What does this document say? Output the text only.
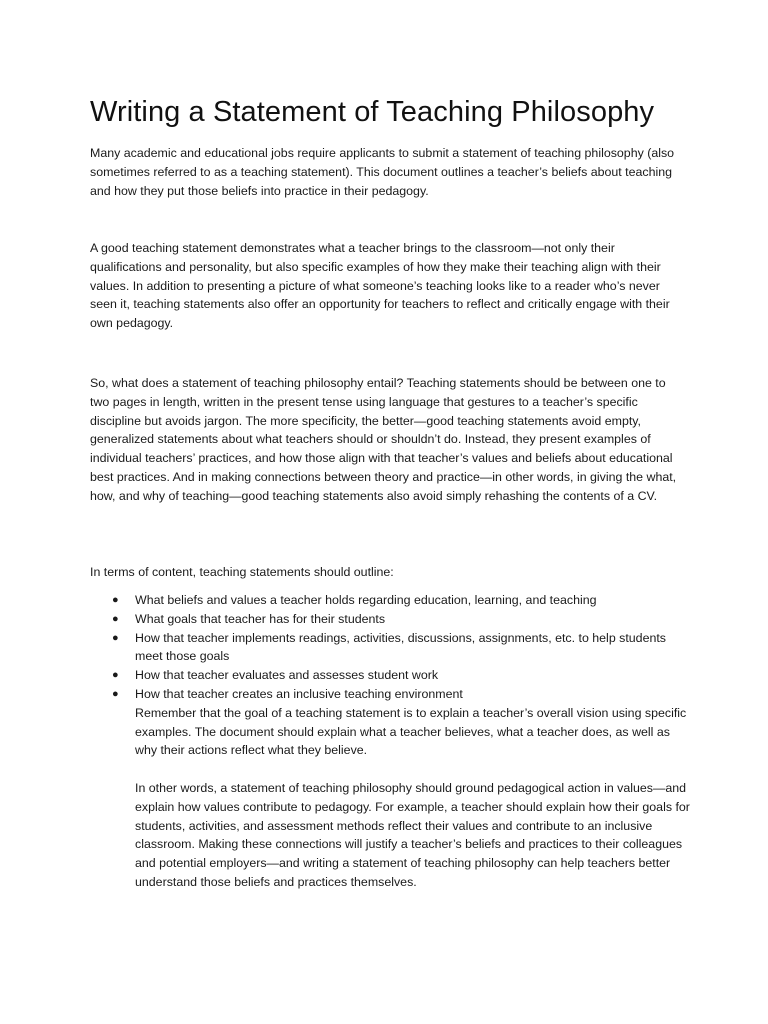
Writing a Statement of Teaching Philosophy

Many academic and educational jobs require applicants to submit a statement of teaching philosophy (also sometimes referred to as a teaching statement). This document outlines a teacher’s beliefs about teaching and how they put those beliefs into practice in their pedagogy.

A good teaching statement demonstrates what a teacher brings to the classroom—not only their qualifications and personality, but also specific examples of how they make their teaching align with their values. In addition to presenting a picture of what someone’s teaching looks like to a reader who’s never seen it, teaching statements also offer an opportunity for teachers to reflect and critically engage with their own pedagogy.

So, what does a statement of teaching philosophy entail? Teaching statements should be between one to two pages in length, written in the present tense using language that gestures to a teacher’s specific discipline but avoids jargon. The more specificity, the better—good teaching statements avoid empty, generalized statements about what teachers should or shouldn’t do. Instead, they present examples of individual teachers’ practices, and how those align with that teacher’s values and beliefs about educational best practices. And in making connections between theory and practice—in other words, in giving the what, how, and why of teaching—good teaching statements also avoid simply rehashing the contents of a CV.

In terms of content, teaching statements should outline:

● What beliefs and values a teacher holds regarding education, learning, and teaching
● What goals that teacher has for their students
● How that teacher implements readings, activities, discussions, assignments, etc. to help students meet those goals
● How that teacher evaluates and assesses student work
● How that teacher creates an inclusive teaching environment
Remember that the goal of a teaching statement is to explain a teacher’s overall vision using specific examples. The document should explain what a teacher believes, what a teacher does, as well as why their actions reflect what they believe.
In other words, a statement of teaching philosophy should ground pedagogical action in values—and explain how values contribute to pedagogy. For example, a teacher should explain how their goals for students, activities, and assessment methods reflect their values and contribute to an inclusive classroom. Making these connections will justify a teacher’s beliefs and practices to their colleagues and potential employers—and writing a statement of teaching philosophy can help teachers better understand those beliefs and practices themselves.
